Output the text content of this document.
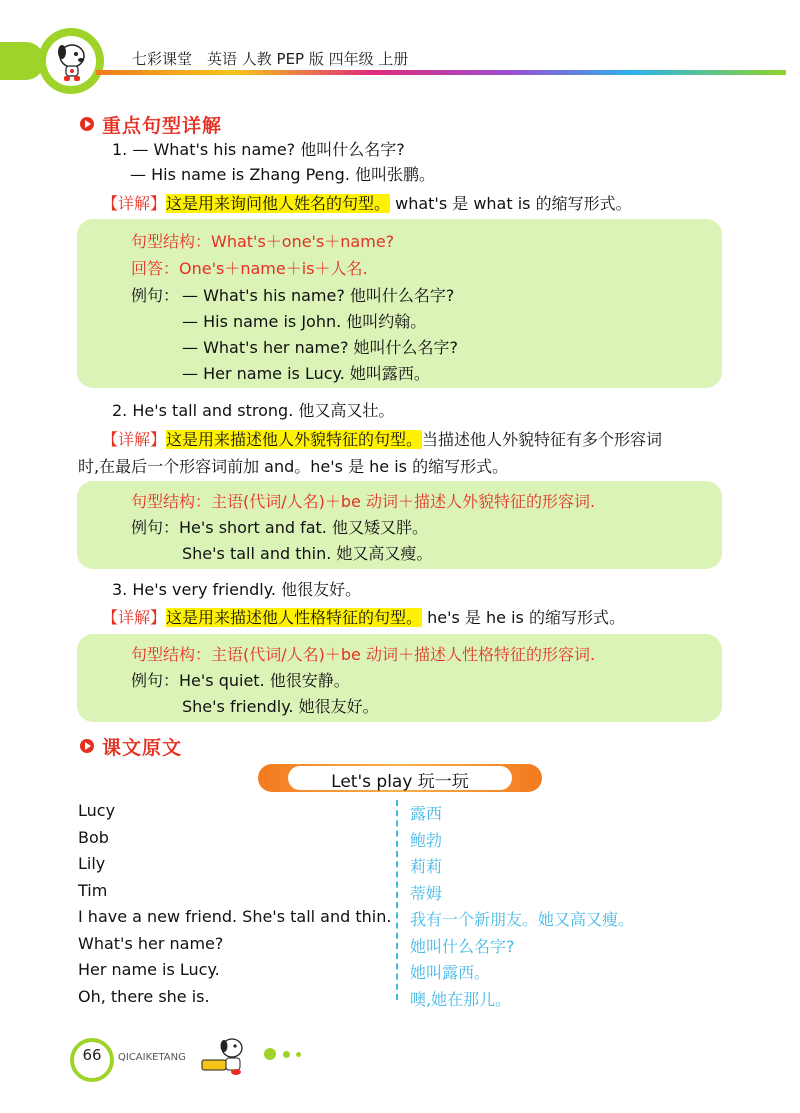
七彩课堂　英语 人教 PEP 版 四年级 上册
重点句型详解
1. — What's his name? 他叫什么名字?
— His name is Zhang Peng. 他叫张鹏。
【详解】这是用来询问他人姓名的句型。 what's 是 what is 的缩写形式。
句型结构：What's＋one's＋name?
回答：One's＋name＋is＋人名.
例句： — What's his name? 他叫什么名字?
— His name is John. 他叫约翰。
— What's her name? 她叫什么名字?
— Her name is Lucy. 她叫露西。
2. He's tall and strong. 他又高又壮。
【详解】这是用来描述他人外貌特征的句型。当描述他人外貌特征有多个形容词
时,在最后一个形容词前加 and。he's 是 he is 的缩写形式。
句型结构：主语(代词/人名)＋be 动词＋描述人外貌特征的形容词.
例句：He's short and fat. 他又矮又胖。
She's tall and thin. 她又高又瘦。
3. He's very friendly. 他很友好。
【详解】这是用来描述他人性格特征的句型。 he's 是 he is 的缩写形式。
句型结构：主语(代词/人名)＋be 动词＋描述人性格特征的形容词.
例句：He's quiet. 他很安静。
She's friendly. 她很友好。
课文原文
Let's play 玩一玩
Lucy	露西
Bob	鲍勃
Lily	莉莉
Tim	蒂姆
I have a new friend. She's tall and thin. 我有一个新朋友。她又高又瘦。
What's her name?	她叫什么名字?
Her name is Lucy.	她叫露西。
Oh, there she is.	噢,她在那儿。
66	QICAIKETANG
